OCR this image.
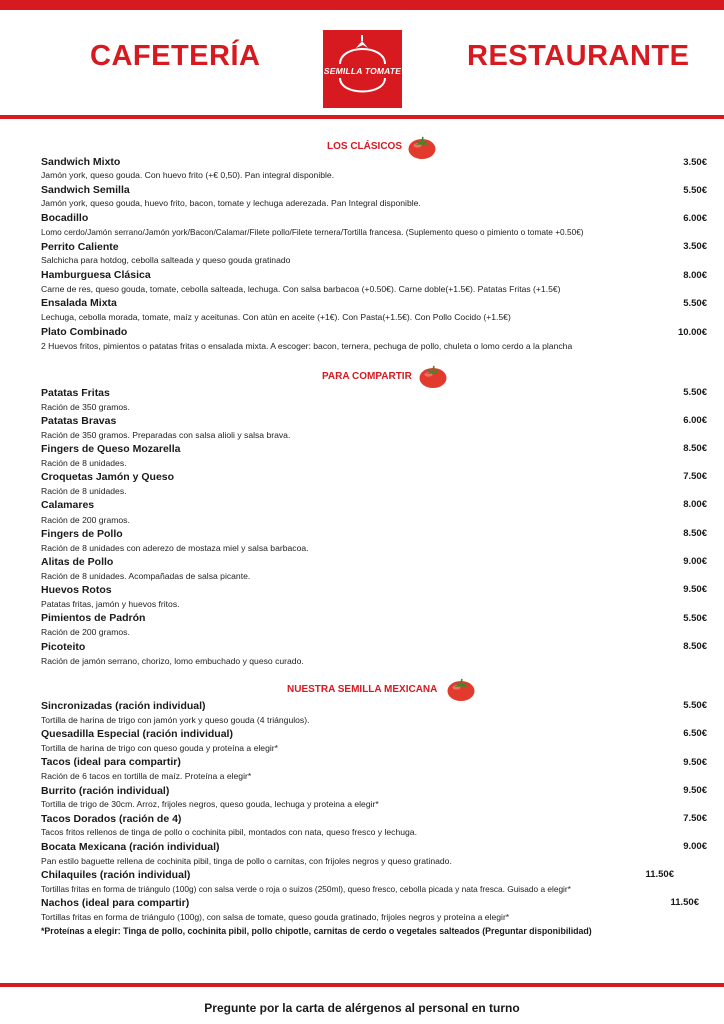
CAFETERÍA	SEMILLA TOMATE RESTAURANTE
LOS CLÁSICOS
Sandwich Mixto	3.50€
Jamón york, queso gouda. Con huevo frito (+€ 0,50). Pan integral disponible.
Sandwich Semilla	5.50€
Jamón york, queso gouda, huevo frito, bacon, tomate y lechuga aderezada. Pan Integral disponible.
Bocadillo	6.00€
Lomo cerdo/Jamón serrano/Jamón york/Bacon/Calamar/Filete pollo/Filete ternera/Tortilla francesa. (Suplemento queso o pimiento o tomate +0.50€)
Perrito Caliente	3.50€
Salchicha para hotdog, cebolla salteada y queso gouda gratinado
Hamburguesa Clásica	8.00€
Carne de res, queso gouda, tomate, cebolla salteada, lechuga. Con salsa barbacoa (+0.50€). Carne doble(+1.5€). Patatas Fritas (+1.5€)
Ensalada Mixta	5.50€
Lechuga, cebolla morada, tomate, maíz y aceitunas. Con atún en aceite (+1€). Con Pasta(+1.5€). Con Pollo Cocido (+1.5€)
Plato Combinado	10.00€
2 Huevos fritos, pimientos o patatas fritas o ensalada mixta. A escoger: bacon, ternera, pechuga de pollo, chuleta o lomo cerdo a la plancha
PARA COMPARTIR
Patatas Fritas	5.50€
Ración de 350 gramos.
Patatas Bravas	6.00€
Ración de 350 gramos. Preparadas con salsa alioli y salsa brava.
Fingers de Queso Mozarella	8.50€
Ración de 8 unidades.
Croquetas Jamón y Queso	7.50€
Ración de 8 unidades.
Calamares	8.00€
Ración de 200 gramos.
Fingers de Pollo	8.50€
Ración de 8 unidades con aderezo de mostaza miel y salsa barbacoa.
Alitas de Pollo	9.00€
Ración de 8 unidades. Acompañadas de salsa picante.
Huevos Rotos	9.50€
Patatas fritas, jamón y huevos fritos.
Pimientos de Padrón	5.50€
Ración de 200 gramos.
Picoteito	8.50€
Ración de jamón serrano, chorizo, lomo embuchado y queso curado.
NUESTRA SEMILLA MEXICANA
Sincronizadas (ración individual)	5.50€
Tortilla de harina de trigo con jamón york y queso gouda (4 triángulos).
Quesadilla Especial (ración individual)	6.50€
Tortilla de harina de trigo con queso gouda y proteína a elegir*
Tacos (ideal para compartir)	9.50€
Ración de 6 tacos en tortilla de maíz. Proteína a elegir*
Burrito (ración individual)	9.50€
Tortilla de trigo de 30cm. Arroz, frijoles negros, queso gouda, lechuga y proteina a elegir*
Tacos Dorados (ración de 4)	7.50€
Tacos fritos rellenos de tinga de pollo o cochinita pibil, montados con nata, queso fresco y lechuga.
Bocata Mexicana (ración individual)	9.00€
Pan estilo baguette rellena de cochinita pibil, tinga de pollo o carnitas, con frijoles negros y queso gratinado.
Chilaquiles (ración individual)	11.50€
Tortillas fritas en forma de triángulo (100g) con salsa verde o roja o suizos (250ml), queso fresco, cebolla picada y nata fresca. Guisado a elegir*
Nachos (ideal para compartir)	11.50€
Tortillas fritas en forma de triángulo (100g), con salsa de tomate, queso gouda gratinado, frijoles negros y proteína a elegir*
*Proteínas a elegir: Tinga de pollo, cochinita pibil, pollo chipotle, carnitas de cerdo o vegetales salteados (Preguntar disponibilidad)
Pregunte por la carta de alérgenos al personal en turno
